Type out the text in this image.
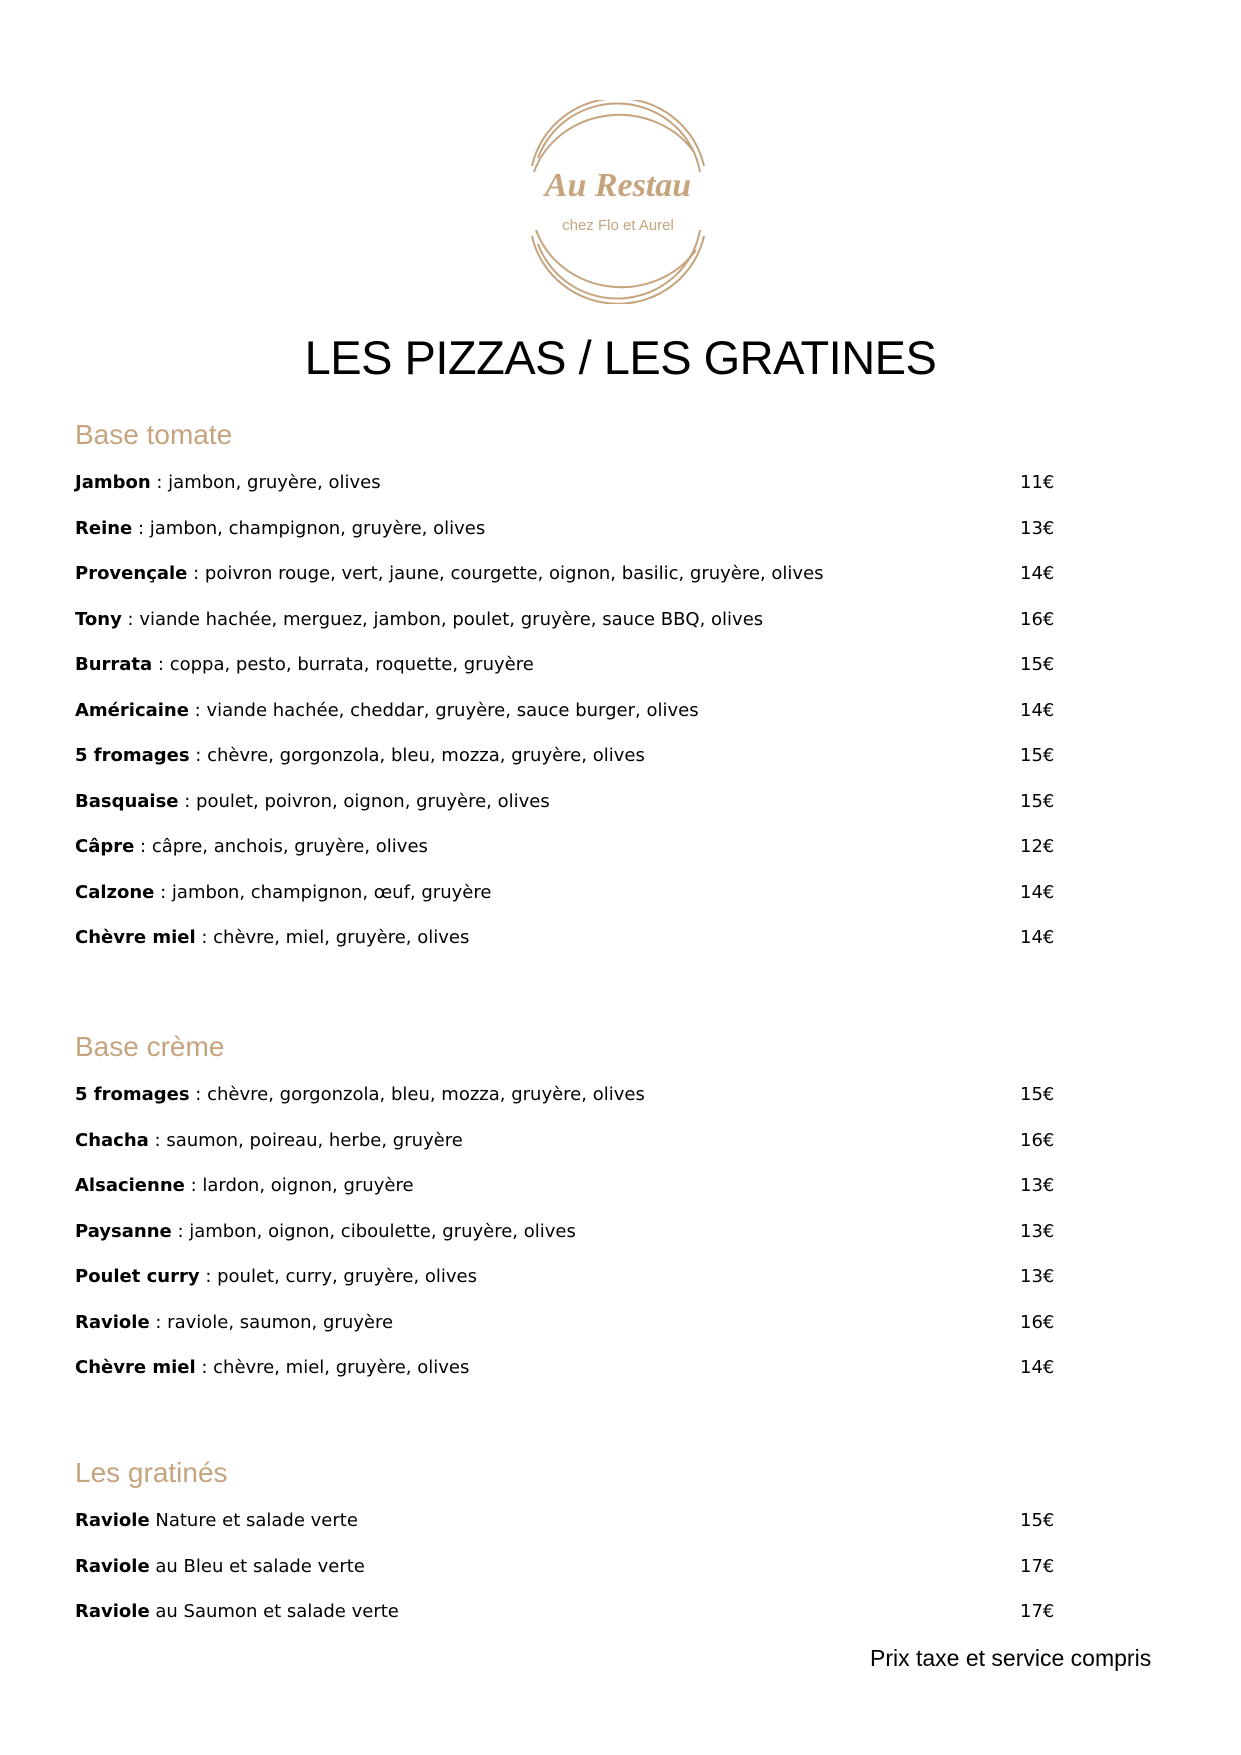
Au Restau
chez Flo et Aurel
LES PIZZAS / LES GRATINES
Base tomate
Jambon : jambon, gruyère, olives	11€
Reine : jambon, champignon, gruyère, olives	13€
Provençale : poivron rouge, vert, jaune, courgette, oignon, basilic, gruyère, olives	14€
Tony : viande hachée, merguez, jambon, poulet, gruyère, sauce BBQ, olives	16€
Burrata : coppa, pesto, burrata, roquette, gruyère	15€
Américaine : viande hachée, cheddar, gruyère, sauce burger, olives	14€
5 fromages : chèvre, gorgonzola, bleu, mozza, gruyère, olives	15€
Basquaise : poulet, poivron, oignon, gruyère, olives	15€
Câpre : câpre, anchois, gruyère, olives	12€
Calzone : jambon, champignon, œuf, gruyère	14€
Chèvre miel : chèvre, miel, gruyère, olives	14€
Base crème
5 fromages : chèvre, gorgonzola, bleu, mozza, gruyère, olives	15€
Chacha : saumon, poireau, herbe, gruyère	16€
Alsacienne : lardon, oignon, gruyère	13€
Paysanne : jambon, oignon, ciboulette, gruyère, olives	13€
Poulet curry : poulet, curry, gruyère, olives	13€
Raviole : raviole, saumon, gruyère	16€
Chèvre miel : chèvre, miel, gruyère, olives	14€
Les gratinés
Raviole Nature et salade verte	15€
Raviole au Bleu et salade verte	17€
Raviole au Saumon et salade verte	17€
Prix taxe et service compris
